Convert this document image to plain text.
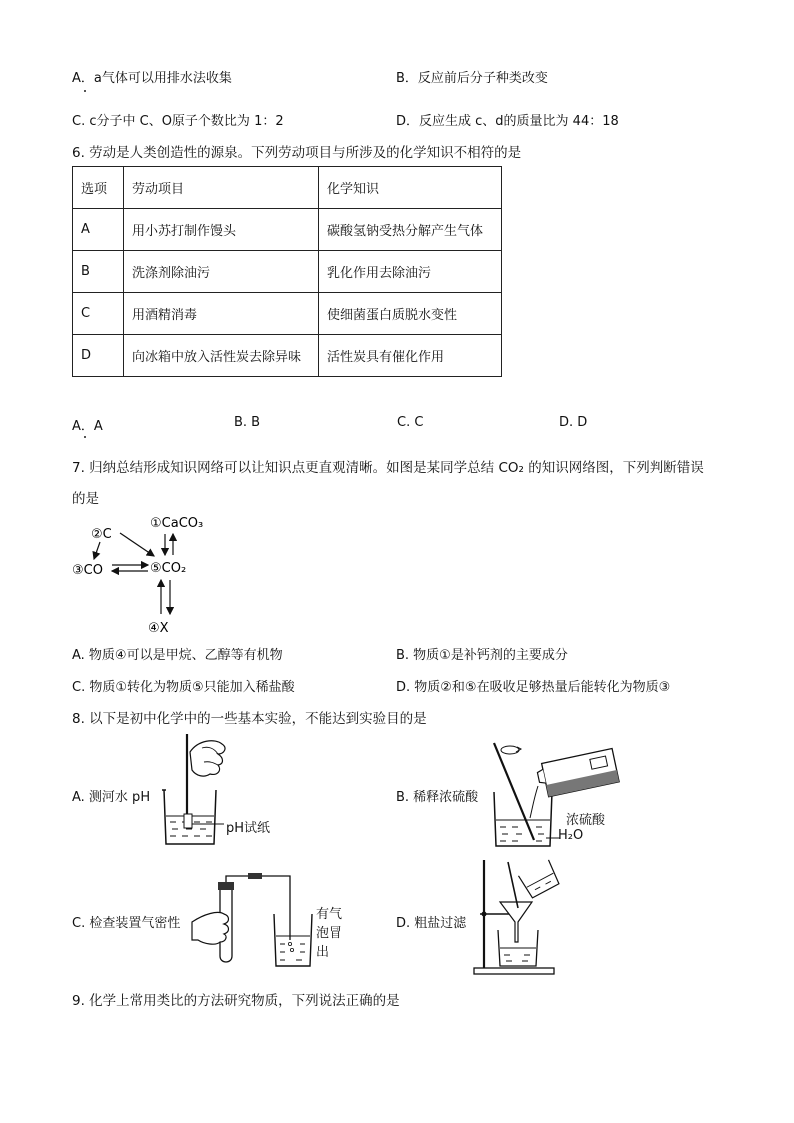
A．a气体可以用排水法收集	B．反应前后分子种类改变
C. c分子中 C、O原子个数比为 1：2	D．反应生成 c、d的质量比为 44：18
6. 劳动是人类创造性的源泉。下列劳动项目与所涉及的化学知识不相符的是
选项	劳动项目	化学知识
A	用小苏打制作馒头	碳酸氢钠受热分解产生气体
B	洗涤剂除油污	乳化作用去除油污
C	用酒精消毒	使细菌蛋白质脱水变性
D	向冰箱中放入活性炭去除异味	活性炭具有催化作用
A．A	B. B	C. C	D. D
7. 归纳总结形成知识网络可以让知识点更直观清晰。如图是某同学总结 CO₂ 的知识网络图，下列判断错误
的是
①CaCO₃
②C
③CO	⑤CO₂
④X
A. 物质④可以是甲烷、乙醇等有机物	B. 物质①是补钙剂的主要成分
C. 物质①转化为物质⑤只能加入稀盐酸	D. 物质②和⑤在吸收足够热量后能转化为物质③
8. 以下是初中化学中的一些基本实验，不能达到实验目的是
A. 测河水 pH
pH试纸
B. 稀释浓硫酸
浓硫酸
H₂O
C. 检查装置气密性
有气
泡冒
出
D. 粗盐过滤
9. 化学上常用类比的方法研究物质，下列说法正确的是
